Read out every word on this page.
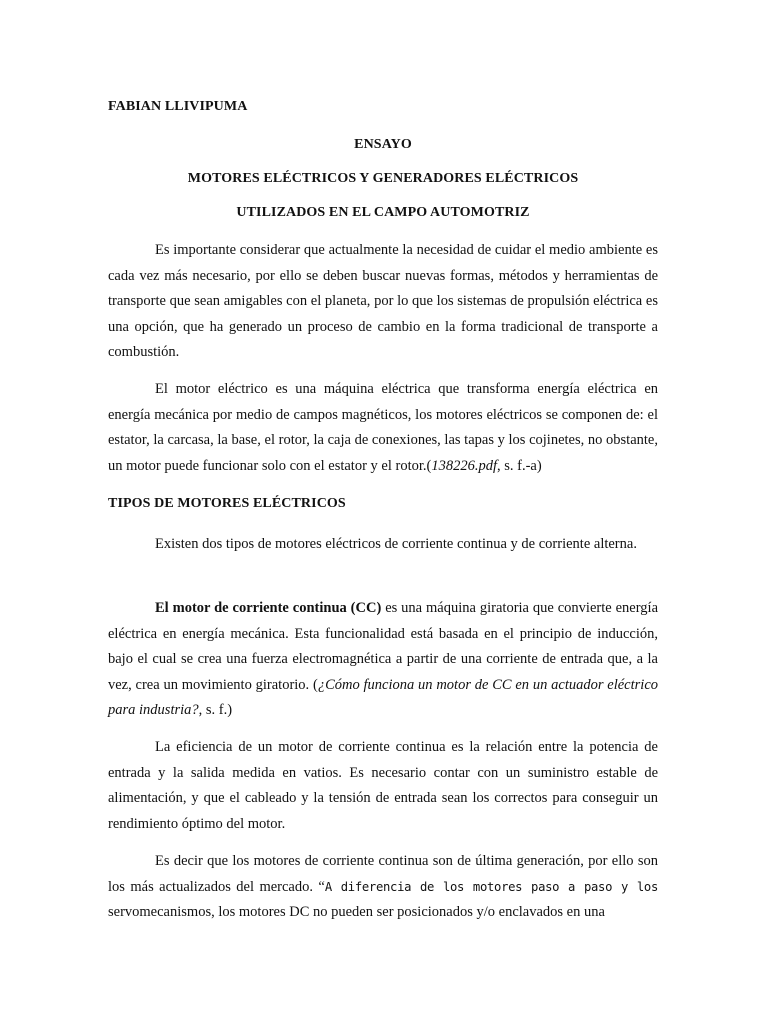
FABIAN LLIVIPUMA
ENSAYO
MOTORES ELÉCTRICOS Y GENERADORES ELÉCTRICOS
UTILIZADOS EN EL CAMPO AUTOMOTRIZ

Es importante considerar que actualmente la necesidad de cuidar el medio ambiente es cada vez más necesario, por ello se deben buscar nuevas formas, métodos y herramientas de transporte que sean amigables con el planeta, por lo que los sistemas de propulsión eléctrica es una opción, que ha generado un proceso de cambio en la forma tradicional de transporte a combustión.

El motor eléctrico es una máquina eléctrica que transforma energía eléctrica en energía mecánica por medio de campos magnéticos, los motores eléctricos se componen de: el estator, la carcasa, la base, el rotor, la caja de conexiones, las tapas y los cojinetes, no obstante, un motor puede funcionar solo con el estator y el rotor.(138226.pdf, s. f.-a)

TIPOS DE MOTORES ELÉCTRICOS

Existen dos tipos de motores eléctricos de corriente continua y de corriente alterna.

El motor de corriente continua (CC) es una máquina giratoria que convierte energía eléctrica en energía mecánica. Esta funcionalidad está basada en el principio de inducción, bajo el cual se crea una fuerza electromagnética a partir de una corriente de entrada que, a la vez, crea un movimiento giratorio. (¿Cómo funciona un motor de CC en un actuador eléctrico para industria?, s. f.)

La eficiencia de un motor de corriente continua es la relación entre la potencia de entrada y la salida medida en vatios. Es necesario contar con un suministro estable de alimentación, y que el cableado y la tensión de entrada sean los correctos para conseguir un rendimiento óptimo del motor.

Es decir que los motores de corriente continua son de última generación, por ello son los más actualizados del mercado. “A diferencia de los motores paso a paso y los servomecanismos, los motores DC no pueden ser posicionados y/o enclavados en una
